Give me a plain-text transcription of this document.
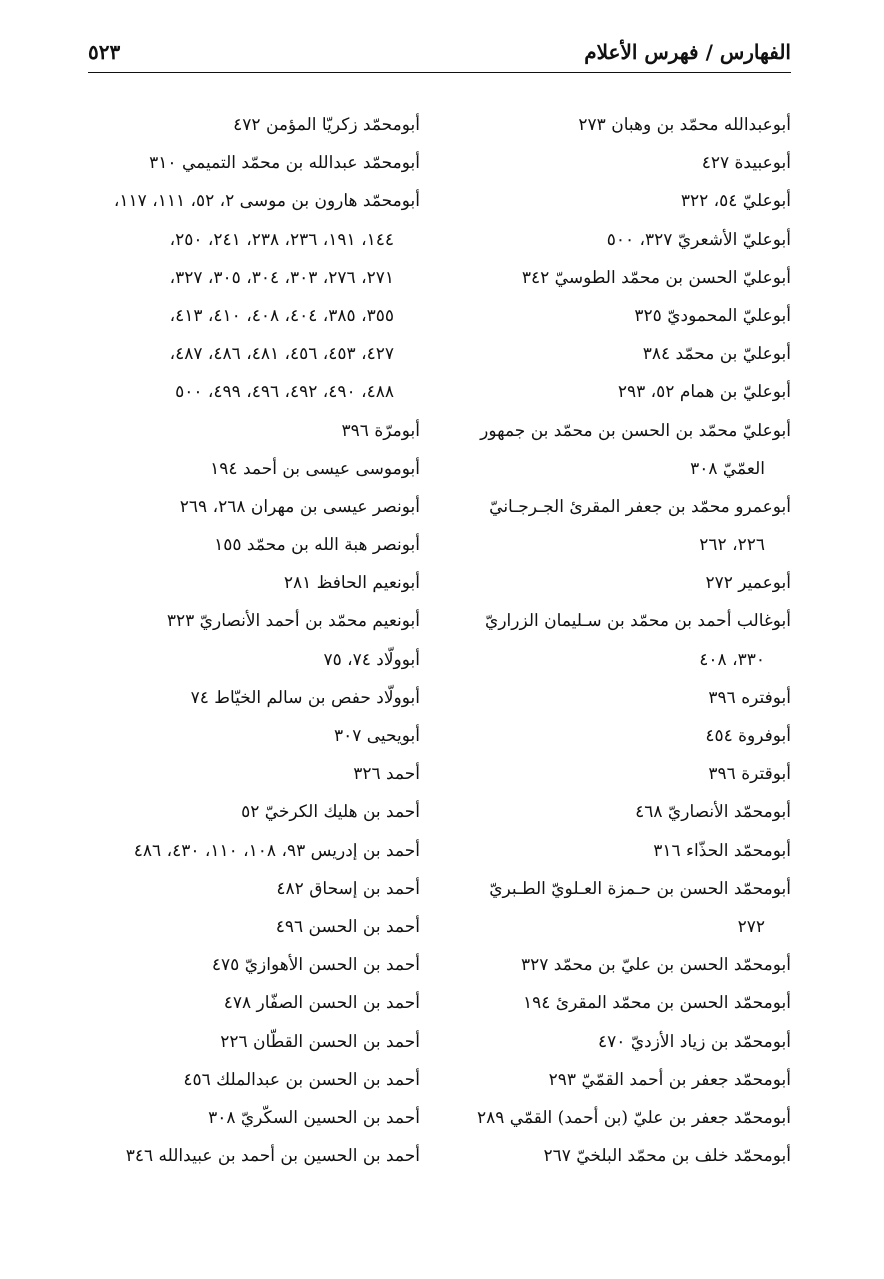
الفهارس / فهرس الأعلام
٥٢٣
أبوعبدالله محمّد بن وهبان ٢٧٣
أبوعبيدة ٤٢٧
أبوعليّ ٥٤، ٣٢٢
أبوعليّ الأشعريّ ٣٢٧، ٥٠٠
أبوعليّ الحسن بن محمّد الطوسيّ ٣٤٢
أبوعليّ المحموديّ ٣٢٥
أبوعليّ بن محمّد ٣٨٤
أبوعليّ بن همام ٥٢، ٢٩٣
أبوعليّ محمّد بن الحسن بن محمّد بن جمهور
العمّيّ ٣٠٨
أبوعمرو محمّد بن جعفر المقرئ الجـرجـانيّ
٢٢٦، ٢٦٢
أبوعمير ٢٧٢
أبوغالب أحمد بن محمّد بن سـليمان الزراريّ
٣٣٠، ٤٠٨
أبوفتره ٣٩٦
أبوفروة ٤٥٤
أبوقترة ٣٩٦
أبومحمّد الأنصاريّ ٤٦٨
أبومحمّد الحذّاء ٣١٦
أبومحمّد الحسن بن حـمزة العـلويّ الطـبريّ
٢٧٢
أبومحمّد الحسن بن عليّ بن محمّد ٣٢٧
أبومحمّد الحسن بن محمّد المقرئ ١٩٤
أبومحمّد بن زياد الأزديّ ٤٧٠
أبومحمّد جعفر بن أحمد القمّيّ ٢٩٣
أبومحمّد جعفر بن عليّ (بن أحمد) القمّي ٢٨٩
أبومحمّد خلف بن محمّد البلخيّ ٢٦٧
أبومحمّد زكريّا المؤمن ٤٧٢
أبومحمّد عبدالله بن محمّد التميمي ٣١٠
أبومحمّد هارون بن موسى ٢، ٥٢، ١١١، ١١٧،
١٤٤، ١٩١، ٢٣٦، ٢٣٨، ٢٤١، ٢٥٠،
٢٧١، ٢٧٦، ٣٠٣، ٣٠٤، ٣٠٥، ٣٢٧،
٣٥٥، ٣٨٥، ٤٠٤، ٤٠٨، ٤١٠، ٤١٣،
٤٢٧، ٤٥٣، ٤٥٦، ٤٨١، ٤٨٦، ٤٨٧،
٤٨٨، ٤٩٠، ٤٩٢، ٤٩٦، ٤٩٩، ٥٠٠
أبومرّة ٣٩٦
أبوموسى عيسى بن أحمد ١٩٤
أبونصر عيسى بن مهران ٢٦٨، ٢٦٩
أبونصر هبة الله بن محمّد ١٥٥
أبونعيم الحافظ ٢٨١
أبونعيم محمّد بن أحمد الأنصاريّ ٣٢٣
أبوولّاد ٧٤، ٧٥
أبوولّاد حفص بن سالم الخيّاط ٧٤
أبويحيى ٣٠٧
أحمد ٣٢٦
أحمد بن هليك الكرخيّ ٥٢
أحمد بن إدريس ٩٣، ١٠٨، ١١٠، ٤٣٠، ٤٨٦
أحمد بن إسحاق ٤٨٢
أحمد بن الحسن ٤٩٦
أحمد بن الحسن الأهوازيّ ٤٧٥
أحمد بن الحسن الصفّار ٤٧٨
أحمد بن الحسن القطّان ٢٢٦
أحمد بن الحسن بن عبدالملك ٤٥٦
أحمد بن الحسين السكّريّ ٣٠٨
أحمد بن الحسين بن أحمد بن عبيدالله ٣٤٦
